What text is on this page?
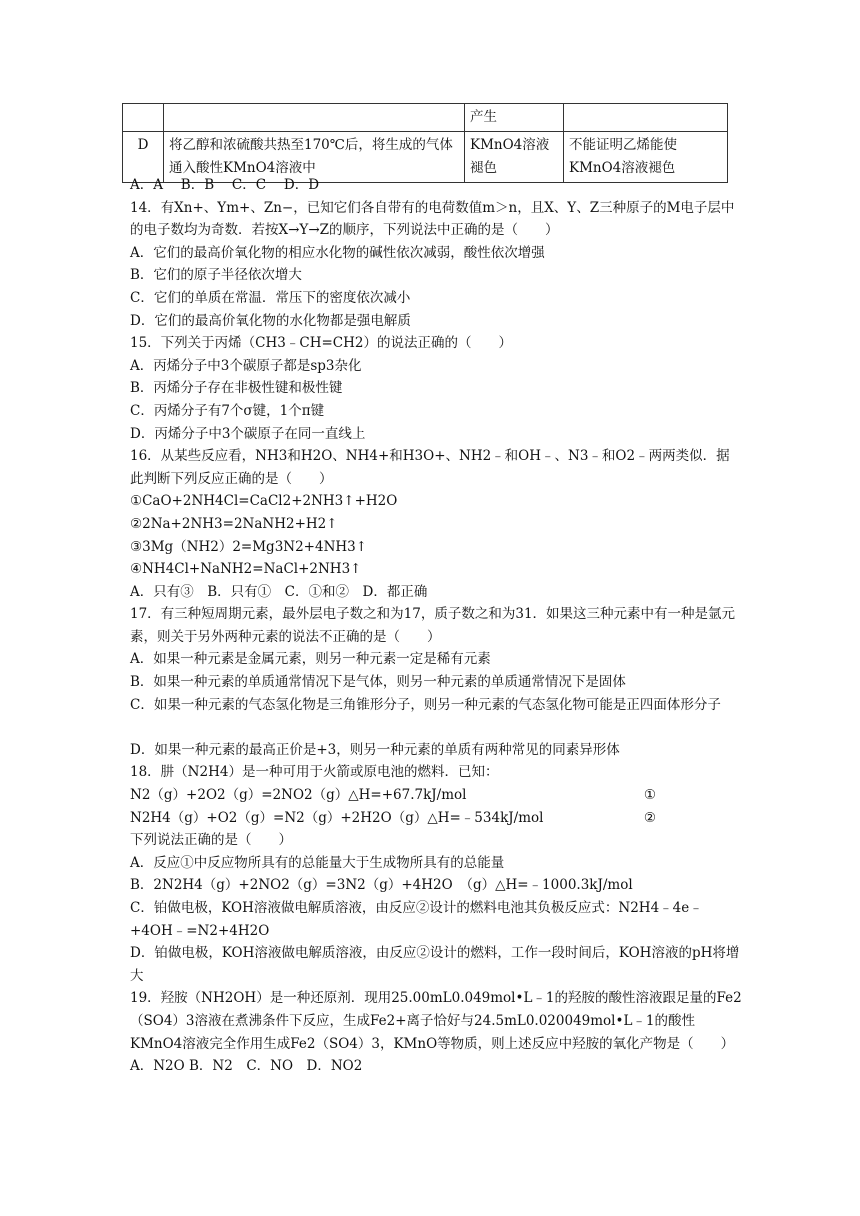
		产生	
D	将乙醇和浓硫酸共热至170℃后，将生成的气体通入酸性KMnO4溶液中	KMnO4溶液褪色	不能证明乙烯能使KMnO4溶液褪色
A．A　 B．B　 C．C　 D．D
14．有Xn+、Ym+、Zn−，已知它们各自带有的电荷数值m＞n，且X、Y、Z三种原子的M电子层中的电子数均为奇数．若按X→Y→Z的顺序，下列说法中正确的是（　　）
A．它们的最高价氧化物的相应水化物的碱性依次减弱，酸性依次增强
B．它们的原子半径依次增大
C．它们的单质在常温．常压下的密度依次减小
D．它们的最高价氧化物的水化物都是强电解质
15．下列关于丙烯（CH3﹣CH=CH2）的说法正确的（　　）
A．丙烯分子中3个碳原子都是sp3杂化
B．丙烯分子存在非极性键和极性键
C．丙烯分子有7个σ键，1个π键
D．丙烯分子中3个碳原子在同一直线上
16．从某些反应看，NH3和H2O、NH4+和H3O+、NH2﹣和OH﹣、N3﹣和O2﹣两两类似．据此判断下列反应正确的是（　　）
①CaO+2NH4Cl=CaCl2+2NH3↑+H2O
②2Na+2NH3=2NaNH2+H2↑
③3Mg（NH2）2=Mg3N2+4NH3↑
④NH4Cl+NaNH2=NaCl+2NH3↑
A．只有③　B．只有①　C．①和②　D．都正确
17．有三种短周期元素，最外层电子数之和为17，质子数之和为31．如果这三种元素中有一种是氩元素，则关于另外两种元素的说法不正确的是（　　）
A．如果一种元素是金属元素，则另一种元素一定是稀有元素
B．如果一种元素的单质通常情况下是气体，则另一种元素的单质通常情况下是固体
C．如果一种元素的气态氢化物是三角锥形分子，则另一种元素的气态氢化物可能是正四面体形分子
D．如果一种元素的最高正价是+3，则另一种元素的单质有两种常见的同素异形体
18．肼（N2H4）是一种可用于火箭或原电池的燃料．已知：
N2（g）+2O2（g）=2NO2（g）△H=+67.7kJ/mol	①
N2H4（g）+O2（g）=N2（g）+2H2O（g）△H=﹣534kJ/mol	②
下列说法正确的是（　　）
A．反应①中反应物所具有的总能量大于生成物所具有的总能量
B．2N2H4（g）+2NO2（g）=3N2（g）+4H2O　（g）△H=﹣1000.3kJ/mol
C．铂做电极，KOH溶液做电解质溶液，由反应②设计的燃料电池其负极反应式：N2H4﹣4e﹣+4OH﹣=N2+4H2O
D．铂做电极，KOH溶液做电解质溶液，由反应②设计的燃料，工作一段时间后，KOH溶液的pH将增大
19．羟胺（NH2OH）是一种还原剂．现用25.00mL0.049mol•L﹣1的羟胺的酸性溶液跟足量的Fe2（SO4）3溶液在煮沸条件下反应，生成Fe2+离子恰好与24.5mL0.020049mol•L﹣1的酸性KMnO4溶液完全作用生成Fe2（SO4）3，KMnO等物质，则上述反应中羟胺的氧化产物是（　　）
A．N2O B．N2　C．NO　D．NO2
